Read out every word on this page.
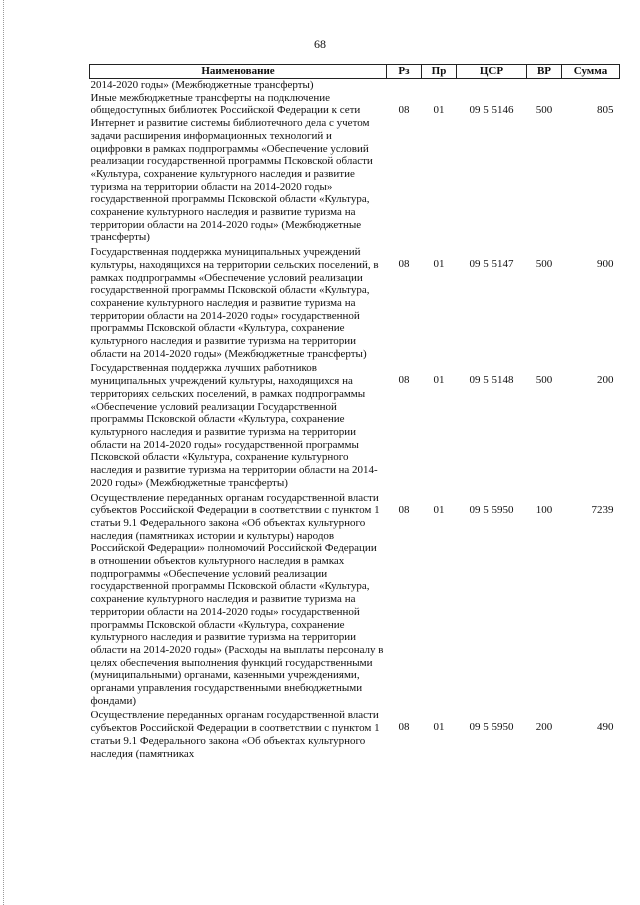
68
Наименование	Рз	Пр	ЦСР	ВР	Сумма
2014-2020 годы» (Межбюджетные трансферты)					
Иные межбюджетные трансферты на подключение общедоступных библиотек Российской Федерации к сети Интернет и развитие системы библиотечного дела с учетом задачи расширения информационных технологий и оцифровки в рамках подпрограммы «Обеспечение условий реализации государственной программы Псковской области «Культура, сохранение культурного наследия и развитие туризма на территории области на 2014-2020 годы» государственной программы Псковской области «Культура, сохранение культурного наследия и развитие туризма на территории области на 2014-2020 годы» (Межбюджетные трансферты)	08	01	09 5 5146	500	805
Государственная поддержка муниципальных учреждений культуры, находящихся на территории сельских поселений, в рамках подпрограммы «Обеспечение условий реализации государственной программы Псковской области «Культура, сохранение культурного наследия и развитие туризма на территории области на 2014-2020 годы» государственной программы Псковской области «Культура, сохранение культурного наследия и развитие туризма на территории области на 2014-2020 годы» (Межбюджетные трансферты)	08	01	09 5 5147	500	900
Государственная поддержка лучших работников муниципальных учреждений культуры, находящихся на территориях сельских поселений, в рамках подпрограммы «Обеспечение условий реализации Государственной программы Псковской области «Культура, сохранение культурного наследия и развитие туризма на территории области на 2014-2020 годы» государственной программы Псковской области «Культура, сохранение культурного наследия и развитие туризма на территории области на 2014-2020 годы» (Межбюджетные трансферты)	08	01	09 5 5148	500	200
Осуществление переданных органам государственной власти субъектов Российской Федерации в соответствии с пунктом 1 статьи 9.1 Федерального закона «Об объектах культурного наследия (памятниках истории и культуры) народов Российской Федерации» полномочий Российской Федерации в отношении объектов культурного наследия в рамках подпрограммы «Обеспечение условий реализации государственной программы Псковской области «Культура, сохранение культурного наследия и развитие туризма на территории области на 2014-2020 годы» государственной программы Псковской области «Культура, сохранение культурного наследия и развитие туризма на территории области на 2014-2020 годы» (Расходы на выплаты персоналу в целях обеспечения выполнения функций государственными (муниципальными) органами, казенными учреждениями, органами управления государственными внебюджетными фондами)	08	01	09 5 5950	100	7239
Осуществление переданных органам государственной власти субъектов Российской Федерации в соответствии с пунктом 1 статьи 9.1 Федерального закона «Об объектах культурного наследия (памятниках	08	01	09 5 5950	200	490
